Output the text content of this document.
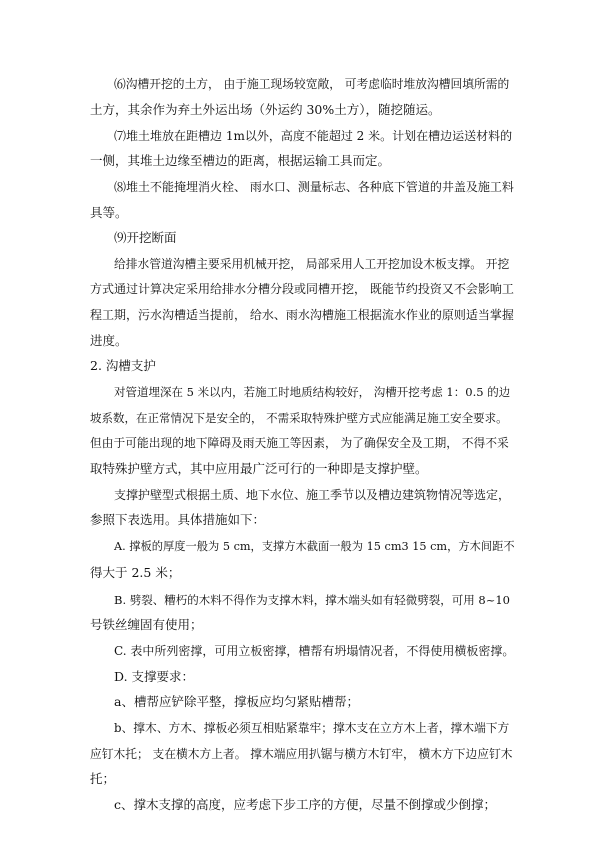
⑹沟槽开挖的土方， 由于施工现场较宽敞， 可考虑临时堆放沟槽回填所需的
土方，其余作为弃土外运出场（外运约 30%土方），随挖随运。
⑺堆土堆放在距槽边 1m以外，高度不能超过 2 米。计划在槽边运送材料的
一侧，其堆土边缘至槽边的距离，根据运输工具而定。
⑻堆土不能掩埋消火栓、 雨水口、测量标志、各种底下管道的井盖及施工料
具等。
⑼开挖断面
给排水管道沟槽主要采用机械开挖， 局部采用人工开挖加设木板支撑。 开挖
方式通过计算决定采用给排水分槽分段或同槽开挖， 既能节约投资又不会影响工
程工期，污水沟槽适当提前， 给水、雨水沟槽施工根据流水作业的原则适当掌握
进度。
2. 沟槽支护
对管道埋深在 5 米以内，若施工时地质结构较好， 沟槽开挖考虑 1：0.5 的边
坡系数，在正常情况下是安全的， 不需采取特殊护壁方式应能满足施工安全要求。
但由于可能出现的地下障碍及雨天施工等因素， 为了确保安全及工期， 不得不采
取特殊护壁方式，其中应用最广泛可行的一种即是支撑护壁。
支撑护壁型式根据土质、地下水位、施工季节以及槽边建筑物情况等选定，
参照下表选用。具体措施如下：
A. 撑板的厚度一般为 5 cm，支撑方木截面一般为 15 cm3 15 cm，方木间距不
得大于 2.5 米；
B. 劈裂、糟朽的木料不得作为支撑木料，撑木端头如有轻微劈裂，可用 8~10
号铁丝缠固有使用；
C. 表中所列密撑，可用立板密撑，槽帮有坍塌情况者，不得使用横板密撑。
D. 支撑要求：
a、槽帮应铲除平整，撑板应均匀紧贴槽帮；
b、撑木、方木、撑板必须互相贴紧靠牢；撑木支在立方木上者，撑木端下方
应钉木托； 支在横木方上者。 撑木端应用扒锯与横方木钉牢， 横木方下边应钉木
托；
c、撑木支撑的高度，应考虑下步工序的方便，尽量不倒撑或少倒撑；
